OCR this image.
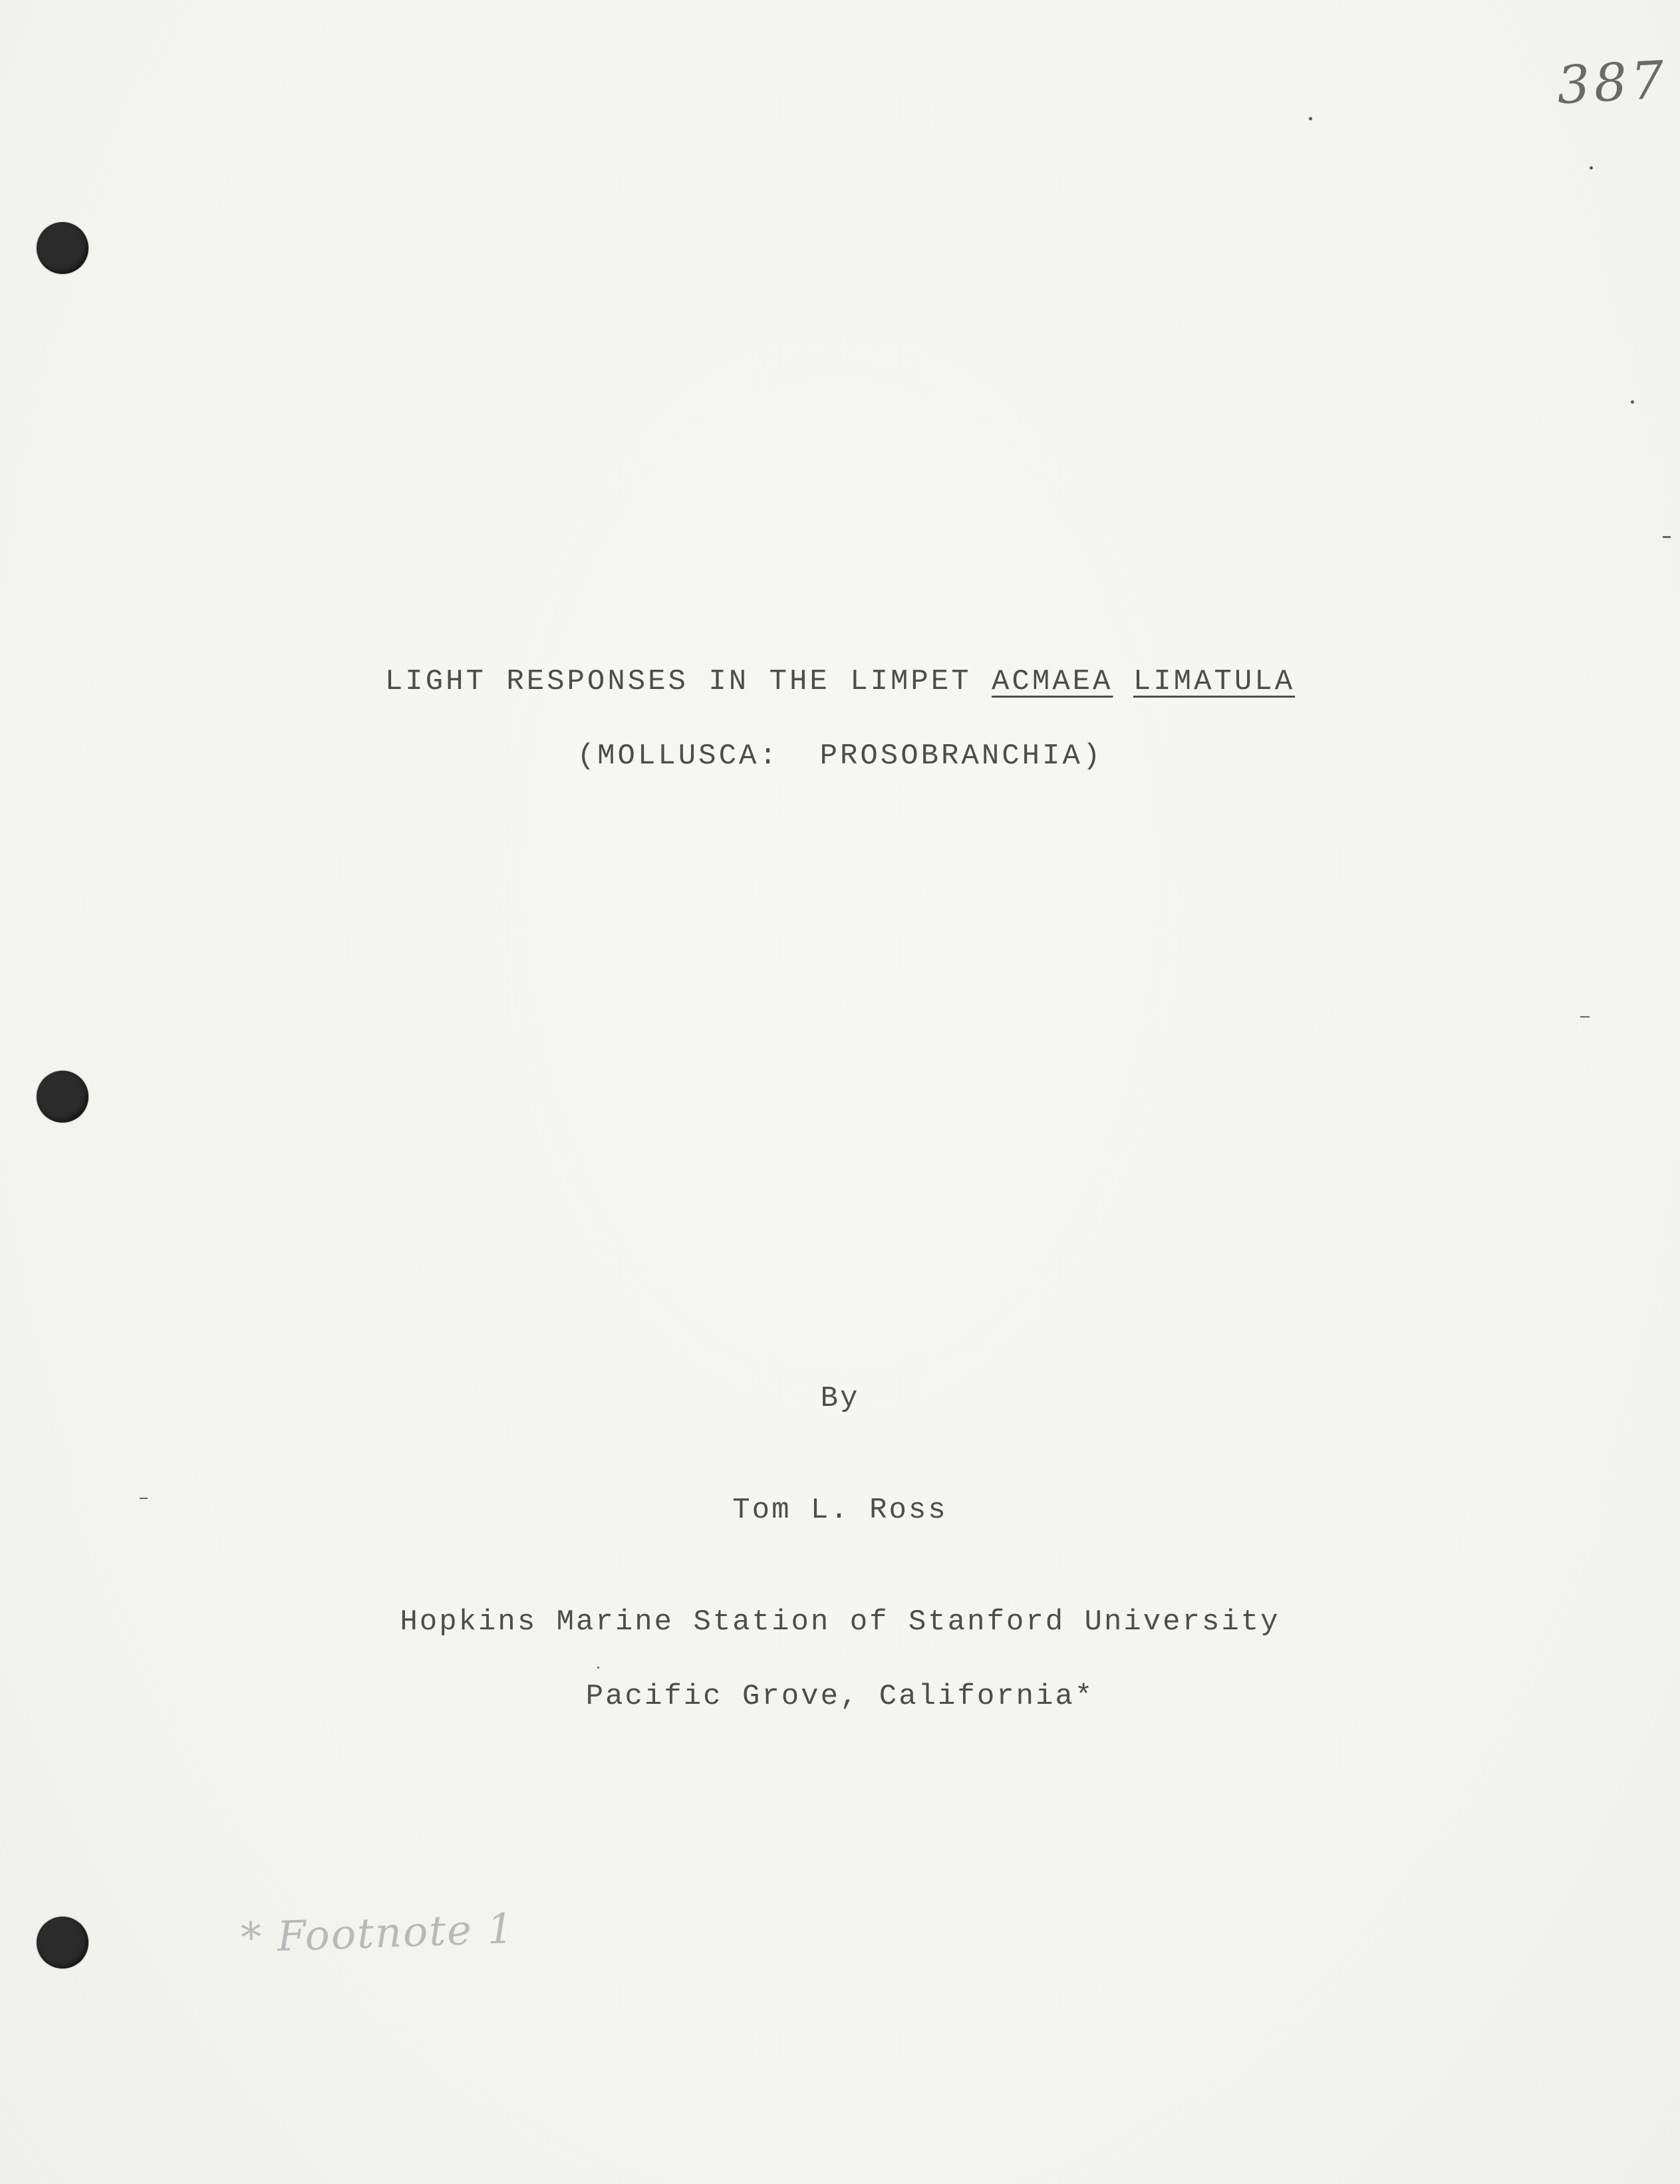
387
LIGHT RESPONSES IN THE LIMPET ACMAEA LIMATULA
(MOLLUSCA:  PROSOBRANCHIA)
By
Tom L. Ross
Hopkins Marine Station of Stanford University
Pacific Grove, California*
* Footnote 1
